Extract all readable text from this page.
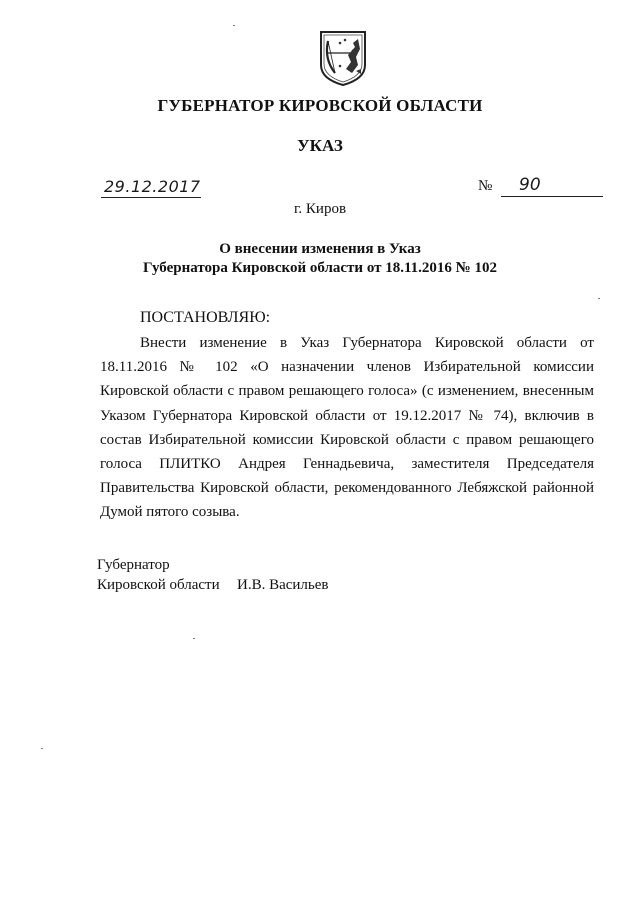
ГУБЕРНАТОР КИРОВСКОЙ ОБЛАСТИ
УКАЗ
29.12.2017	№ 90
г. Киров
О внесении изменения в Указ
Губернатора Кировской области от 18.11.2016 № 102
ПОСТАНОВЛЯЮ:

Внести изменение в Указ Губернатора Кировской области от 18.11.2016 № 102 «О назначении членов Избирательной комиссии Кировской области с правом решающего голоса» (с изменением, внесенным Указом Губернатора Кировской области от 19.12.2017 № 74), включив в состав Избирательной комиссии Кировской области с правом решающего голоса ПЛИТКО Андрея Геннадьевича, заместителя Председателя Правительства Кировской области, рекомендованного Лебяжской районной Думой пятого созыва.

Губернатор
Кировской области И.В. Васильев
